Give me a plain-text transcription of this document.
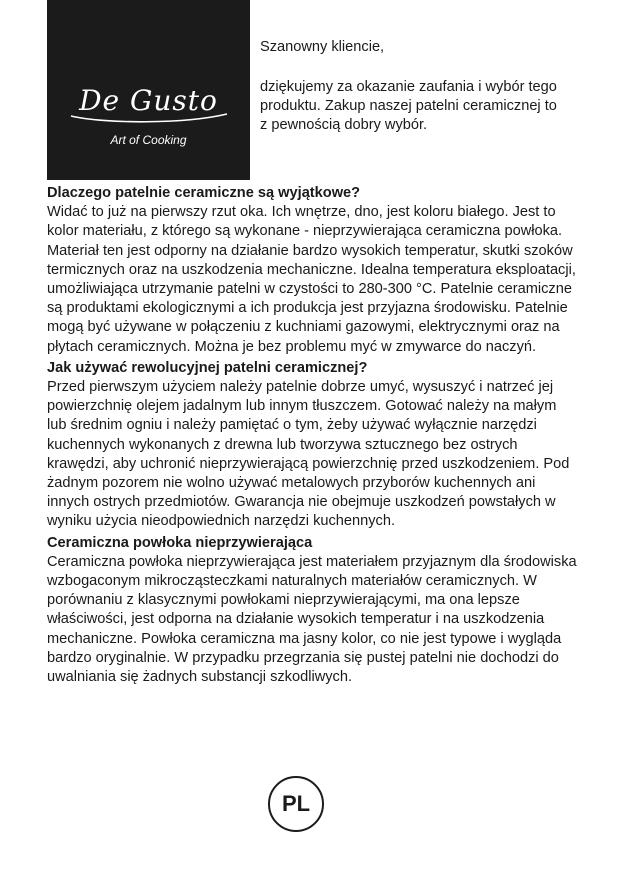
De Gusto
Art of Cooking

Szanowny kliencie,

dziękujemy za okazanie zaufania i wybór tego produktu. Zakup naszej patelni ceramicznej to z pewnością dobry wybór.

Dlaczego patelnie ceramiczne są wyjątkowe?

Widać to już na pierwszy rzut oka. Ich wnętrze, dno, jest koloru białego. Jest to kolor materiału, z którego są wykonane - nieprzywierająca ceramiczna powłoka. Materiał ten jest odporny na działanie bardzo wysokich temperatur, skutki szoków termicznych oraz na uszkodzenia mechaniczne. Idealna temperatura eksploatacji, umożliwiająca utrzymanie patelni w czystości to 280-300 °C. Patelnie ceramiczne są produktami ekologicznymi a ich produkcja jest przyjazna środowisku. Patelnie mogą być używane w połączeniu z kuchniami gazowymi, elektrycznymi oraz na płytach ceramicznych. Można je bez problemu myć w zmywarce do naczyń.

Jak używać rewolucyjnej patelni ceramicznej?

Przed pierwszym użyciem należy patelnie dobrze umyć, wysuszyć i natrzeć jej powierzchnię olejem jadalnym lub innym tłuszczem. Gotować należy na małym lub średnim ogniu i należy pamiętać o tym, żeby używać wyłącznie narzędzi kuchennych wykonanych z drewna lub tworzywa sztucznego bez ostrych krawędzi, aby uchronić nieprzywierającą powierzchnię przed uszkodzeniem. Pod żadnym pozorem nie wolno używać metalowych przyborów kuchennych ani innych ostrych przedmiotów. Gwarancja nie obejmuje uszkodzeń powstałych w wyniku użycia nieodpowiednich narzędzi kuchennych.

Ceramiczna powłoka nieprzywierająca

Ceramiczna powłoka nieprzywierająca jest materiałem przyjaznym dla środowiska wzbogaconym mikrocząsteczkami naturalnych materiałów ceramicznych. W porównaniu z klasycznymi powłokami nieprzywierającymi, ma ona lepsze właściwości, jest odporna na działanie wysokich temperatur i na uszkodzenia mechaniczne. Powłoka ceramiczna ma jasny kolor, co nie jest typowe i wygląda bardzo oryginalnie. W przypadku przegrzania się pustej patelni nie dochodzi do uwalniania się żadnych substancji szkodliwych.

PL
